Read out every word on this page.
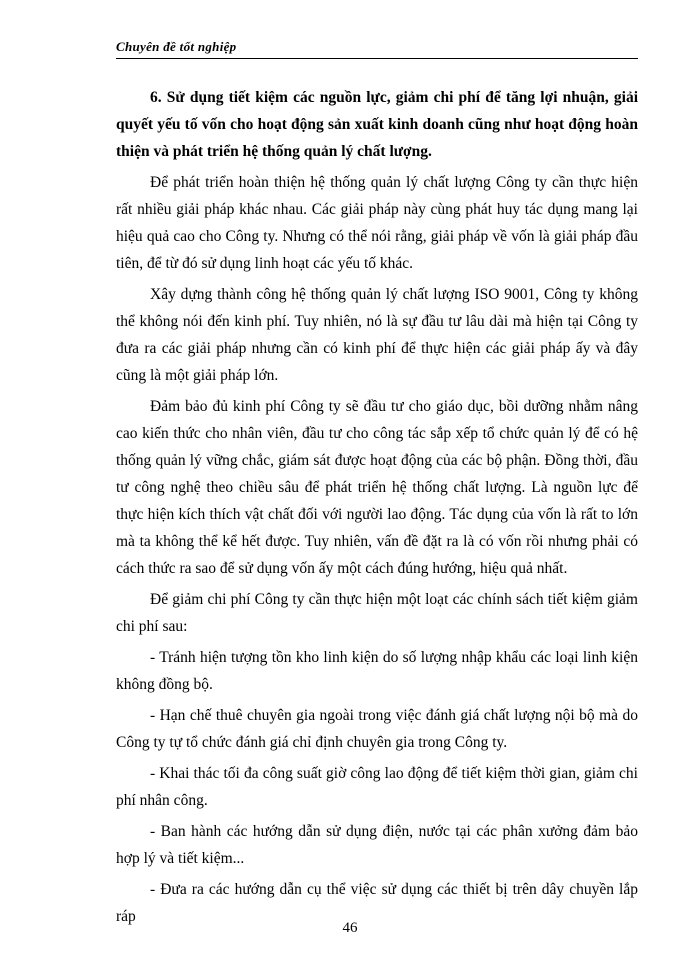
Chuyên đề tốt nghiệp

6. Sử dụng tiết kiệm các nguồn lực, giảm chi phí để tăng lợi nhuận, giải quyết yếu tố vốn cho hoạt động sản xuất kinh doanh cũng như hoạt động hoàn thiện và phát triển hệ thống quản lý chất lượng.

Để phát triển hoàn thiện hệ thống quản lý chất lượng Công ty cần thực hiện rất nhiều giải pháp khác nhau. Các giải pháp này cùng phát huy tác dụng mang lại hiệu quả cao cho Công ty. Nhưng có thể nói rằng, giải pháp về vốn là giải pháp đầu tiên, để từ đó sử dụng linh hoạt các yếu tố khác.

Xây dựng thành công hệ thống quản lý chất lượng ISO 9001, Công ty không thể không nói đến kinh phí. Tuy nhiên, nó là sự đầu tư lâu dài mà hiện tại Công ty đưa ra các giải pháp nhưng cần có kinh phí để thực hiện các giải pháp ấy và đây cũng là một giải pháp lớn.

Đảm bảo đủ kinh phí Công ty sẽ đầu tư cho giáo dục, bồi dưỡng nhằm nâng cao kiến thức cho nhân viên, đầu tư cho công tác sắp xếp tổ chức quản lý để có hệ thống quản lý vững chắc, giám sát được hoạt động của các bộ phận. Đồng thời, đầu tư công nghệ theo chiều sâu để phát triển hệ thống chất lượng. Là nguồn lực để thực hiện kích thích vật chất đối với người lao động. Tác dụng của vốn là rất to lớn mà ta không thể kể hết được. Tuy nhiên, vấn đề đặt ra là có vốn rồi nhưng phải có cách thức ra sao để sử dụng vốn ấy một cách đúng hướng, hiệu quả nhất.

Để giảm chi phí Công ty cần thực hiện một loạt các chính sách tiết kiệm giảm chi phí sau:

- Tránh hiện tượng tồn kho linh kiện do số lượng nhập khẩu các loại linh kiện không đồng bộ.

- Hạn chế thuê chuyên gia ngoài trong việc đánh giá chất lượng nội bộ mà do Công ty tự tổ chức đánh giá chỉ định chuyên gia trong Công ty.

- Khai thác tối đa công suất giờ công lao động để tiết kiệm thời gian, giảm chi phí nhân công.

- Ban hành các hướng dẫn sử dụng điện, nước tại các phân xưởng đảm bảo hợp lý và tiết kiệm...

- Đưa ra các hướng dẫn cụ thể việc sử dụng các thiết bị trên dây chuyền lắp ráp

46
